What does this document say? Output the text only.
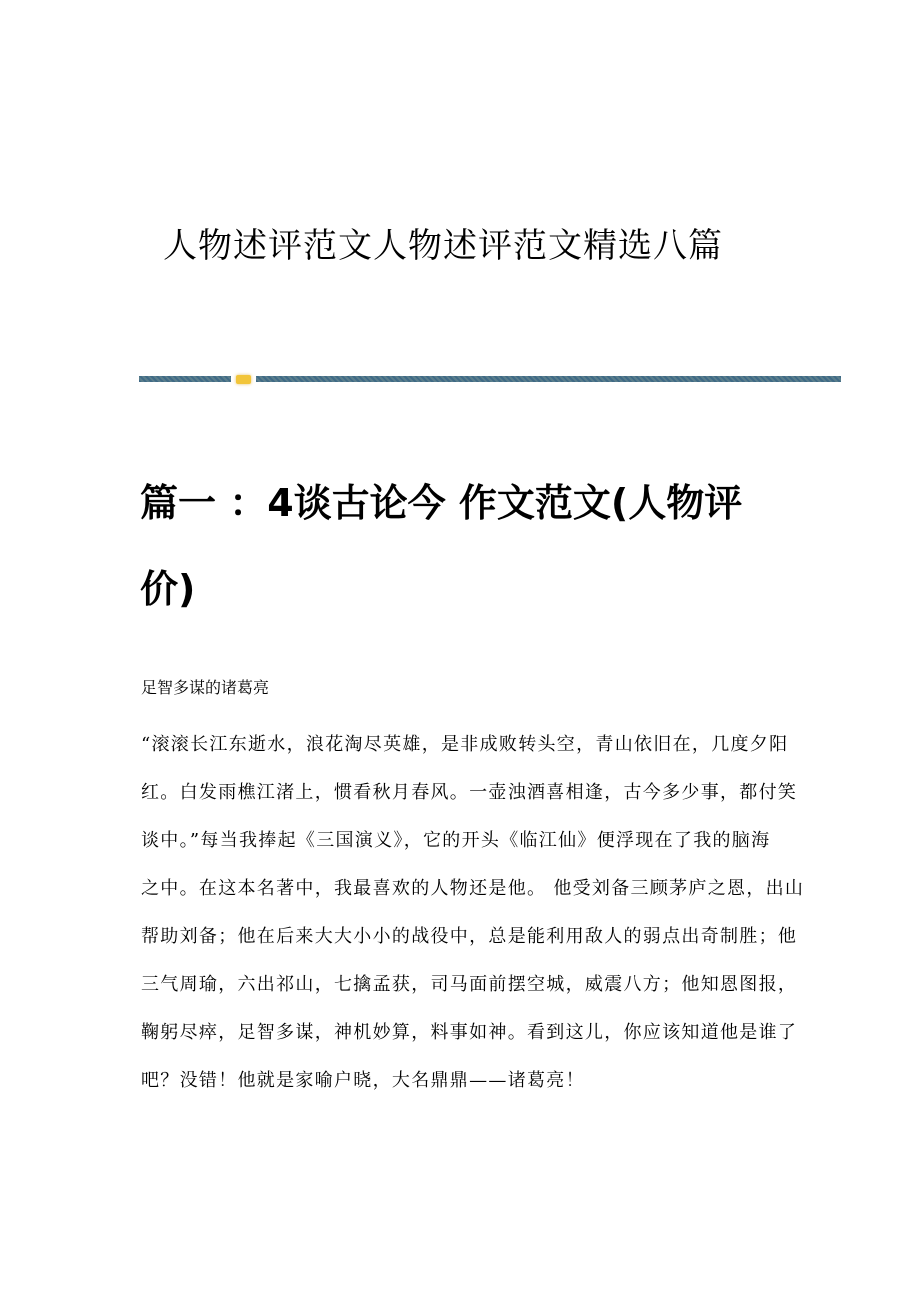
人物述评范文人物述评范文精选八篇
篇一 ：4谈古论今 作文范文(人物评
价)
足智多谋的诸葛亮
“滚滚长江东逝水，浪花淘尽英雄，是非成败转头空，青山依旧在，几度夕阳
红。白发雨樵江渚上，惯看秋月春风。一壶浊酒喜相逢，古今多少事，都付笑
谈中。”每当我捧起《三国演义》，它的开头《临江仙》便浮现在了我的脑海
之中。在这本名著中，我最喜欢的人物还是他。 他受刘备三顾茅庐之恩，出山
帮助刘备；他在后来大大小小的战役中，总是能利用敌人的弱点出奇制胜；他
三气周瑜，六出祁山，七擒孟获，司马面前摆空城，威震八方；他知恩图报，
鞠躬尽瘁，足智多谋，神机妙算，料事如神。看到这儿，你应该知道他是谁了
吧？没错！他就是家喻户晓，大名鼎鼎——诸葛亮！
